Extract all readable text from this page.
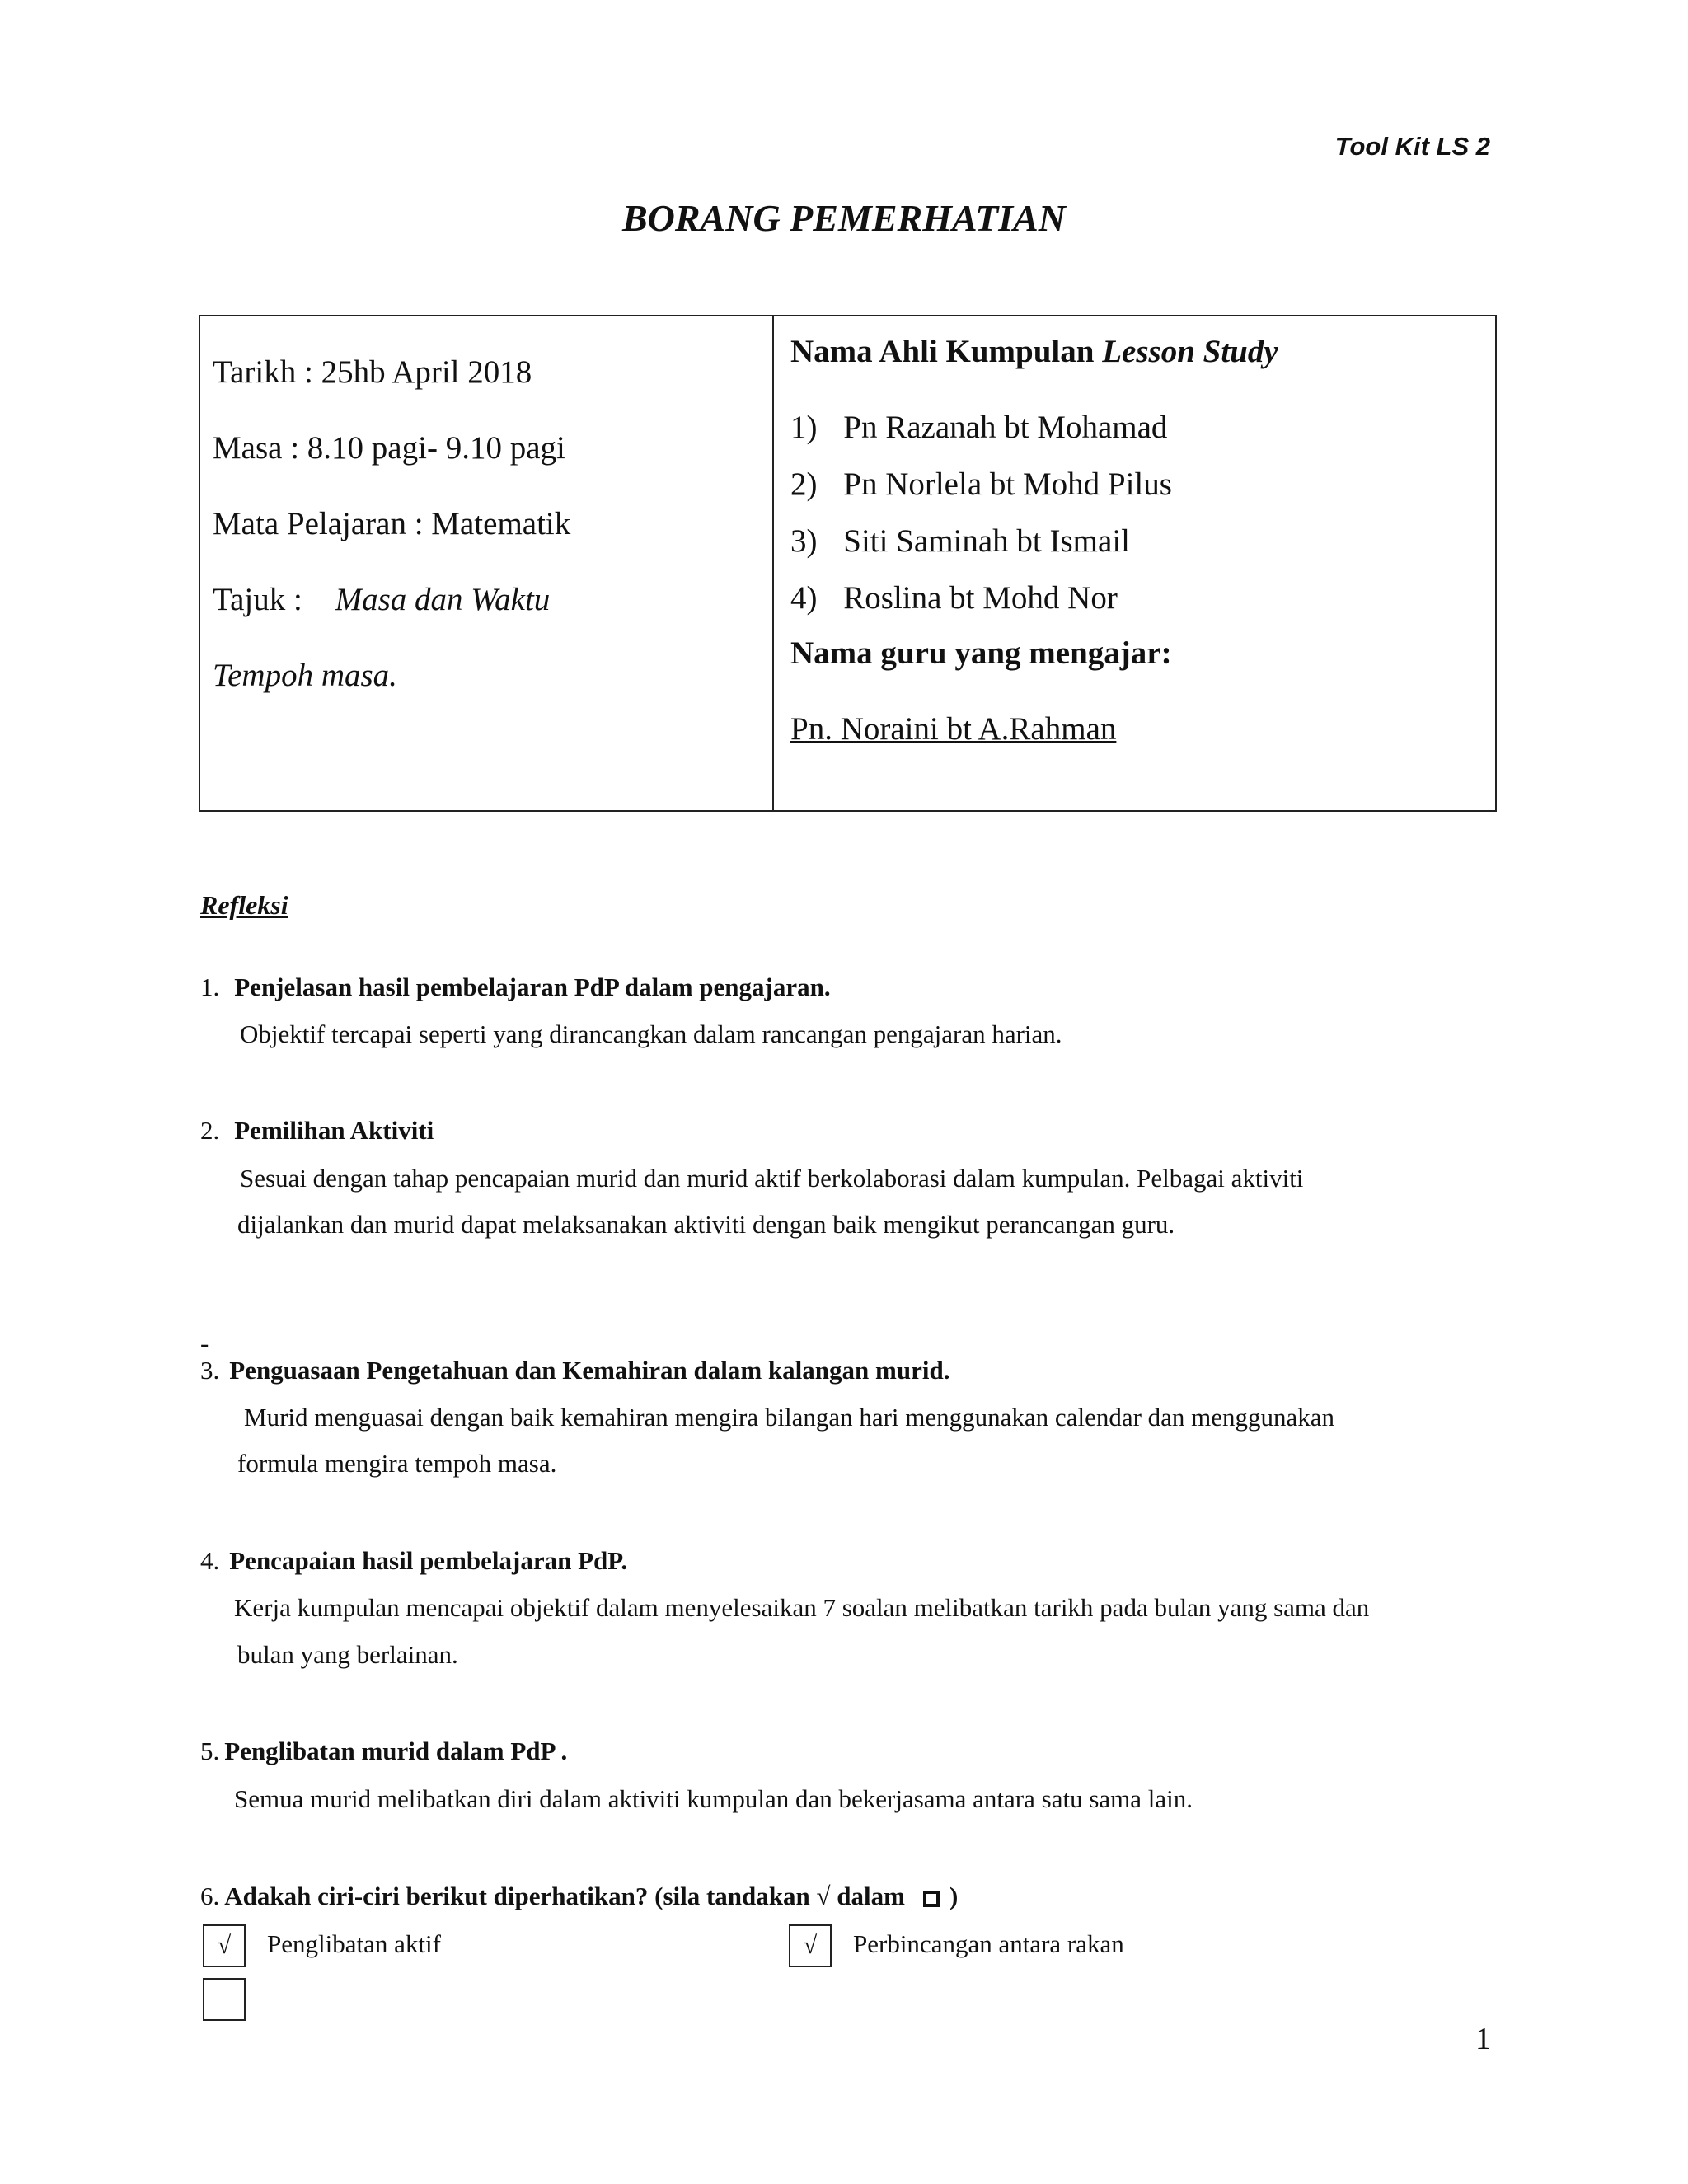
Tool Kit LS 2
BORANG PEMERHATIAN
Tarikh : 25hb April 2018
Masa : 8.10 pagi- 9.10 pagi
Mata Pelajaran : Matematik
Tajuk : Masa dan Waktu
Tempoh masa.
Nama Ahli Kumpulan Lesson Study
1) Pn Razanah bt Mohamad
2) Pn Norlela bt Mohd Pilus
3) Siti Saminah bt Ismail
4) Roslina bt Mohd Nor
Nama guru yang mengajar:
Pn. Noraini bt A.Rahman
Refleksi
1. Penjelasan hasil pembelajaran PdP dalam pengajaran.
Objektif tercapai seperti yang dirancangkan dalam rancangan pengajaran harian.
2. Pemilihan Aktiviti
Sesuai dengan tahap pencapaian murid dan murid aktif berkolaborasi dalam kumpulan. Pelbagai aktiviti
dijalankan dan murid dapat melaksanakan aktiviti dengan baik mengikut perancangan guru.
-
3. Penguasaan Pengetahuan dan Kemahiran dalam kalangan murid.
Murid menguasai dengan baik kemahiran mengira bilangan hari menggunakan calendar dan menggunakan
formula mengira tempoh masa.
4. Pencapaian hasil pembelajaran PdP.
Kerja kumpulan mencapai objektif dalam menyelesaikan 7 soalan melibatkan tarikh pada bulan yang sama dan
bulan yang berlainan.
5. Penglibatan murid dalam PdP .
Semua murid melibatkan diri dalam aktiviti kumpulan dan bekerjasama antara satu sama lain.
6. Adakah ciri-ciri berikut diperhatikan? (sila tandakan √ dalam )
√	Penglibatan aktif	√	Perbincangan antara rakan
1
